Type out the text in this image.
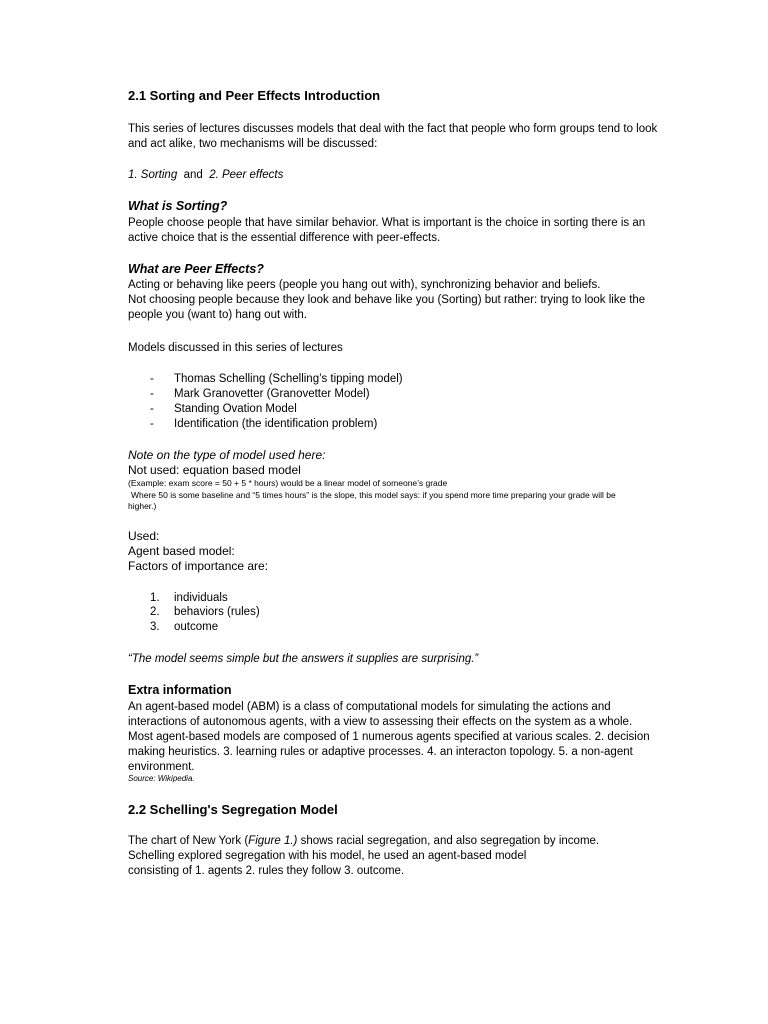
2.1 Sorting and Peer Effects Introduction
This series of lectures discusses models that deal with the fact that people who form groups tend to look
and act alike, two mechanisms will be discussed:
1. Sorting and 2. Peer effects
What is Sorting?
People choose people that have similar behavior. What is important is the choice in sorting there is an
active choice that is the essential difference with peer-effects.
What are Peer Effects?
Acting or behaving like peers (people you hang out with), synchronizing behavior and beliefs.
Not choosing people because they look and behave like you (Sorting) but rather: trying to look like the
people you (want to) hang out with.
Models discussed in this series of lectures
- Thomas Schelling (Schelling’s tipping model)
- Mark Granovetter (Granovetter Model)
- Standing Ovation Model
- Identification (the identification problem)
Note on the type of model used here:
Not used: equation based model
(Example: exam score = 50 + 5 * hours) would be a linear model of someone’s grade
Where 50 is some baseline and “5 times hours” is the slope, this model says: if you spend more time preparing your grade will be
higher.)
Used:
Agent based model:
Factors of importance are:
1. individuals
2. behaviors (rules)
3. outcome
“The model seems simple but the answers it supplies are surprising.”
Extra information
An agent-based model (ABM) is a class of computational models for simulating the actions and
interactions of autonomous agents, with a view to assessing their effects on the system as a whole.
Most agent-based models are composed of 1 numerous agents specified at various scales. 2. decision
making heuristics. 3. learning rules or adaptive processes. 4. an interacton topology. 5. a non-agent
environment.
Source: Wikipedia.
2.2 Schelling's Segregation Model
The chart of New York (Figure 1.) shows racial segregation, and also segregation by income.
Schelling explored segregation with his model, he used an agent-based model
consisting of 1. agents 2. rules they follow 3. outcome.
